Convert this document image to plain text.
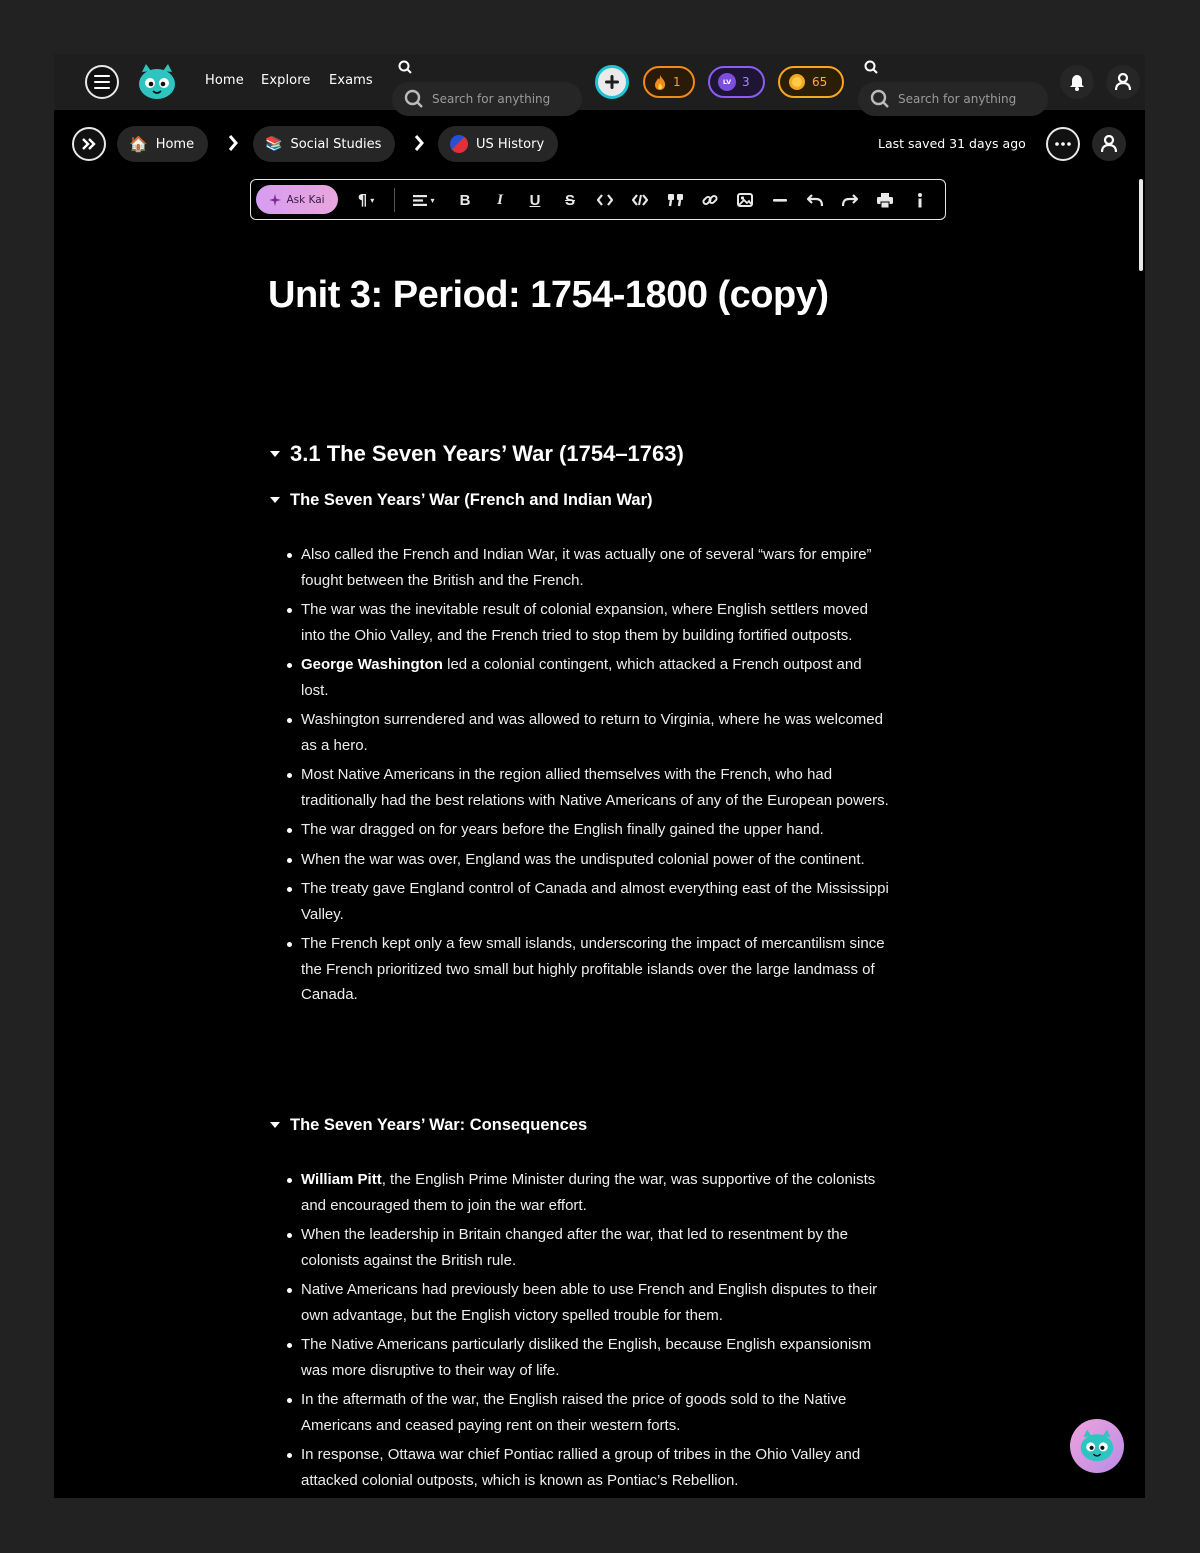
Home Explore Exams
Search for anything	1	LV 3	65
Search for anything
🏠 Home	📚 Social Studies	US History	Last saved 31 days ago
Ask Kai ¶ ▾	▾ B I U S
Unit 3: Period: 1754-1800 (copy)
3.1 The Seven Years’ War (1754–1763)
The Seven Years’ War (French and Indian War)
Also called the French and Indian War, it was actually one of several “wars for empire” fought between the British and the French.
The war was the inevitable result of colonial expansion, where English settlers moved into the Ohio Valley, and the French tried to stop them by building fortified outposts.
George Washington led a colonial contingent, which attacked a French outpost and lost.
Washington surrendered and was allowed to return to Virginia, where he was welcomed as a hero.
Most Native Americans in the region allied themselves with the French, who had traditionally had the best relations with Native Americans of any of the European powers.
The war dragged on for years before the English finally gained the upper hand.
When the war was over, England was the undisputed colonial power of the continent.
The treaty gave England control of Canada and almost everything east of the Mississippi Valley.
The French kept only a few small islands, underscoring the impact of mercantilism since the French prioritized two small but highly profitable islands over the large landmass of Canada.
The Seven Years’ War: Consequences
William Pitt, the English Prime Minister during the war, was supportive of the colonists and encouraged them to join the war effort.
When the leadership in Britain changed after the war, that led to resentment by the colonists against the British rule.
Native Americans had previously been able to use French and English disputes to their own advantage, but the English victory spelled trouble for them.
The Native Americans particularly disliked the English, because English expansionism was more disruptive to their way of life.
In the aftermath of the war, the English raised the price of goods sold to the Native Americans and ceased paying rent on their western forts.
In response, Ottawa war chief Pontiac rallied a group of tribes in the Ohio Valley and attacked colonial outposts, which is known as Pontiac’s Rebellion.
